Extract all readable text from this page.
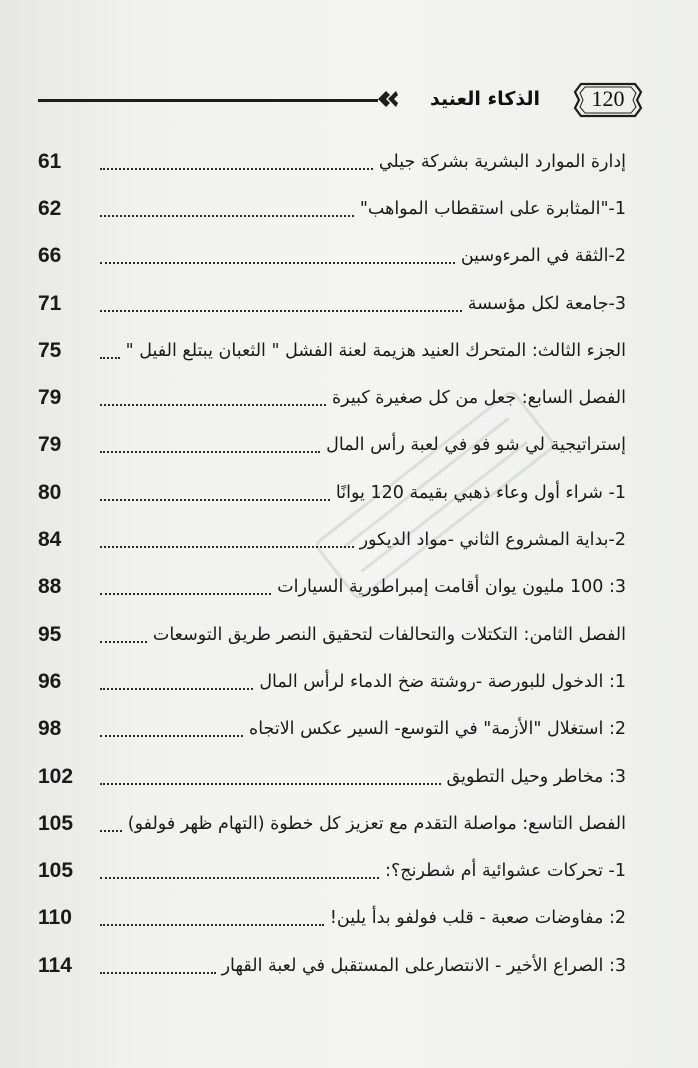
الذكاء العنيد	120
إدارة الموارد البشرية بشركة جيلي
61
1-"المثابرة على استقطاب المواهب"
62
2-الثقة في المرءوسين
66
3-جامعة لكل مؤسسة
71
الجزء الثالث: المتحرك العنيد هزيمة لعنة الفشل " الثعبان يبتلع الفيل "
75
الفصل السابع: جعل من كل صغيرة كبيرة
79
إستراتيجية لي شو فو في لعبة رأس المال
79
1- شراء أول وعاء ذهبي بقيمة 120 يوانًا
80
2-بداية المشروع الثاني -مواد الديكور
84
3: 100 مليون يوان أقامت إمبراطورية السيارات
88
الفصل الثامن: التكتلات والتحالفات لتحقيق النصر طريق التوسعات
95
1: الدخول للبورصة -روشتة ضخ الدماء لرأس المال
96
2: استغلال "الأزمة" في التوسع- السير عكس الاتجاه
98
3: مخاطر وحيل التطويق
102
الفصل التاسع: مواصلة التقدم مع تعزيز كل خطوة (التهام ظهر فولفو)
105
1- تحركات عشوائية أم شطرنج؟:
105
2: مفاوضات صعبة - قلب فولفو بدأ يلين!
110
3: الصراع الأخير - الانتصارعلى المستقبل في لعبة القهار
114
